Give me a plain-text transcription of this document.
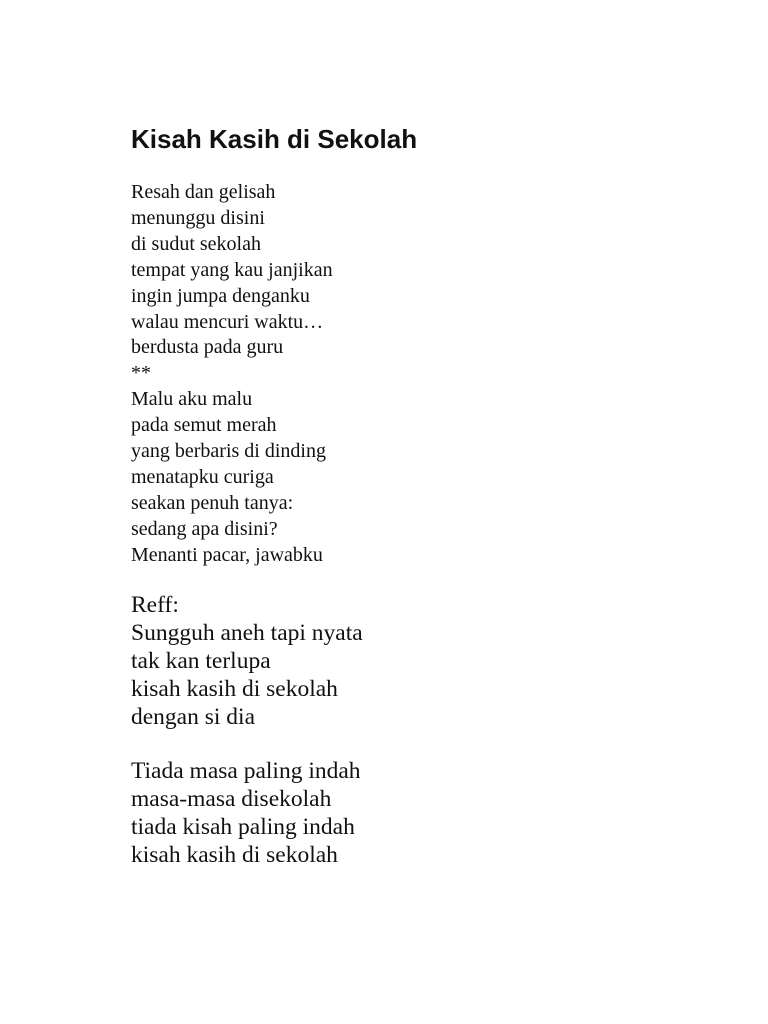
Kisah Kasih di Sekolah
Resah dan gelisah
menunggu disini
di sudut sekolah
tempat yang kau janjikan
ingin jumpa denganku
walau mencuri waktu…
berdusta pada guru
**
Malu aku malu
pada semut merah
yang berbaris di dinding
menatapku curiga
seakan penuh tanya:
sedang apa disini?
Menanti pacar, jawabku
Reff:
Sungguh aneh tapi nyata
tak kan terlupa
kisah kasih di sekolah
dengan si dia
Tiada masa paling indah
masa-masa disekolah
tiada kisah paling indah
kisah kasih di sekolah
